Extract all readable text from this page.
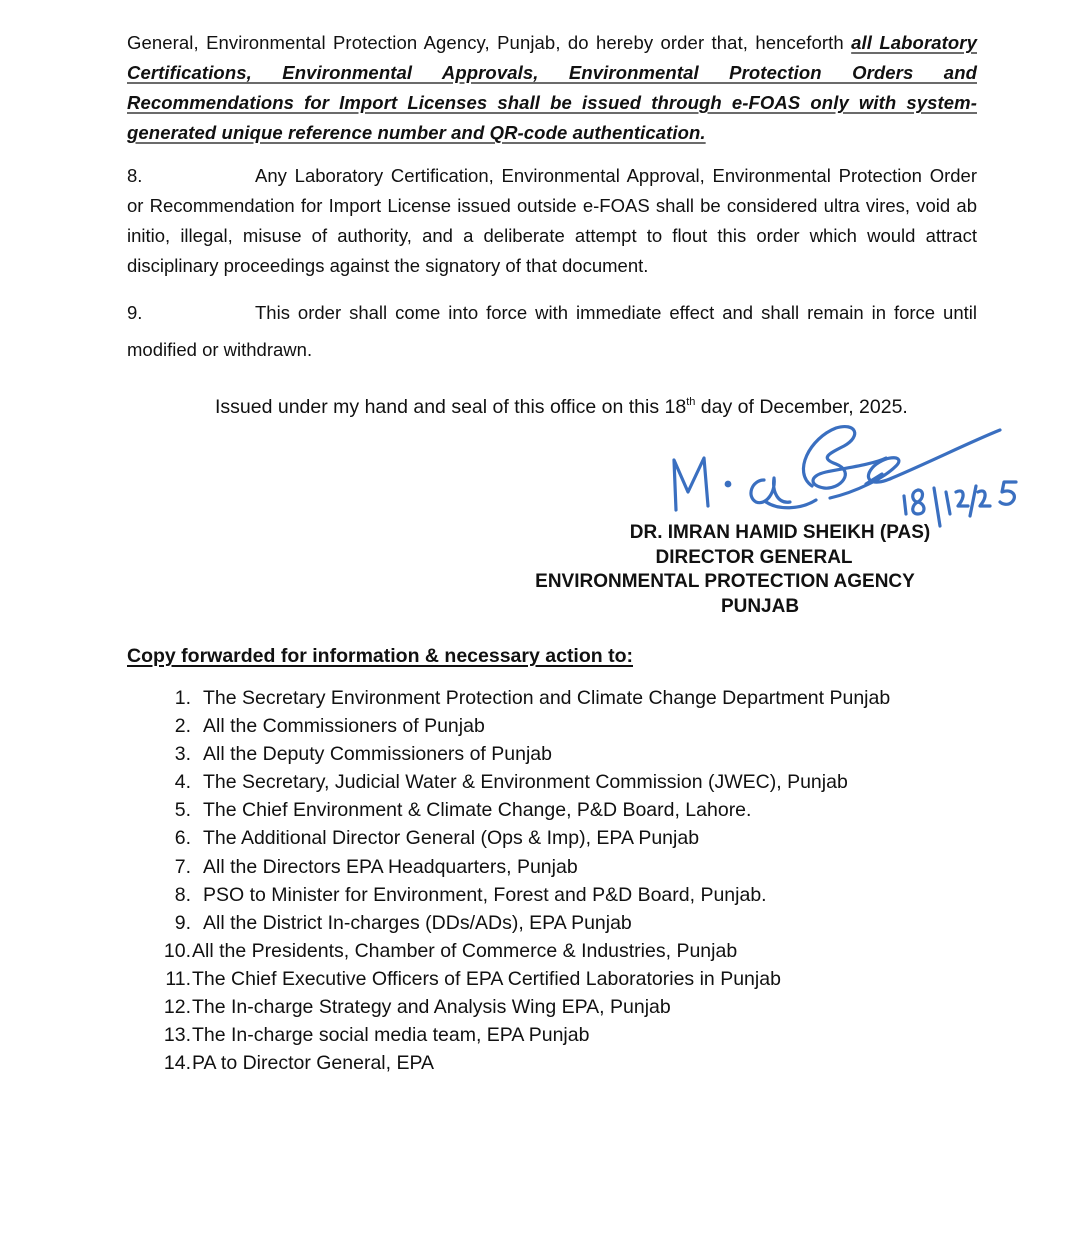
General, Environmental Protection Agency, Punjab, do hereby order that, henceforth all Laboratory Certifications, Environmental Approvals, Environmental Protection Orders and Recommendations for Import Licenses shall be issued through e-FOAS only with system-generated unique reference number and QR-code authentication.

8.	Any Laboratory Certification, Environmental Approval, Environmental Protection Order or Recommendation for Import License issued outside e-FOAS shall be considered ultra vires, void ab initio, illegal, misuse of authority, and a deliberate attempt to flout this order which would attract disciplinary proceedings against the signatory of that document.

9.	This order shall come into force with immediate effect and shall remain in force until modified or withdrawn.

Issued under my hand and seal of this office on this 18th day of December, 2025.
DR. IMRAN HAMID SHEIKH (PAS)
DIRECTOR GENERAL
ENVIRONMENTAL PROTECTION AGENCY
PUNJAB
Copy forwarded for information & necessary action to:
1. The Secretary Environment Protection and Climate Change Department Punjab
2. All the Commissioners of Punjab
3. All the Deputy Commissioners of Punjab
4. The Secretary, Judicial Water & Environment Commission (JWEC), Punjab
5. The Chief Environment & Climate Change, P&D Board, Lahore.
6. The Additional Director General (Ops & Imp), EPA Punjab
7. All the Directors EPA Headquarters, Punjab
8. PSO to Minister for Environment, Forest and P&D Board, Punjab.
9. All the District In-charges (DDs/ADs), EPA Punjab
10. All the Presidents, Chamber of Commerce & Industries, Punjab
11. The Chief Executive Officers of EPA Certified Laboratories in Punjab
12. The In-charge Strategy and Analysis Wing EPA, Punjab
13. The In-charge social media team, EPA Punjab
14. PA to Director General, EPA
